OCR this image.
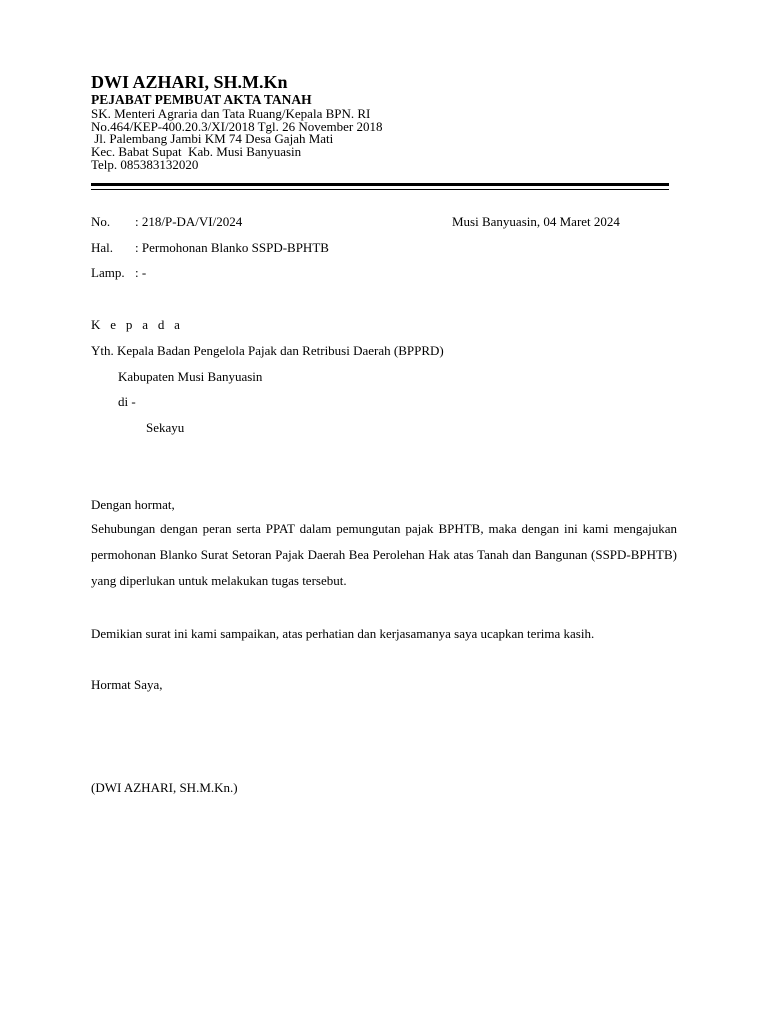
DWI AZHARI, SH.M.Kn
PEJABAT PEMBUAT AKTA TANAH
SK. Menteri Agraria dan Tata Ruang/Kepala BPN. RI
No.464/KEP-400.20.3/XI/2018 Tgl. 26 November 2018
Jl. Palembang Jambi KM 74 Desa Gajah Mati
Kec. Babat Supat  Kab. Musi Banyuasin
Telp. 085383132020
No. : 218/P-DA/VI/2024	Musi Banyuasin, 04 Maret 2024
Hal. : Permohonan Blanko SSPD-BPHTB
Lamp. : -
K e p a d a
Yth. Kepala Badan Pengelola Pajak dan Retribusi Daerah (BPPRD)
Kabupaten Musi Banyuasin
di -
Sekayu
Dengan hormat,
Sehubungan dengan peran serta PPAT dalam pemungutan pajak BPHTB, maka dengan ini kami mengajukan permohonan Blanko Surat Setoran Pajak Daerah Bea Perolehan Hak atas Tanah dan Bangunan (SSPD-BPHTB) yang diperlukan untuk melakukan tugas tersebut.
Demikian surat ini kami sampaikan, atas perhatian dan kerjasamanya saya ucapkan terima kasih.
Hormat Saya,
(DWI AZHARI, SH.M.Kn.)
